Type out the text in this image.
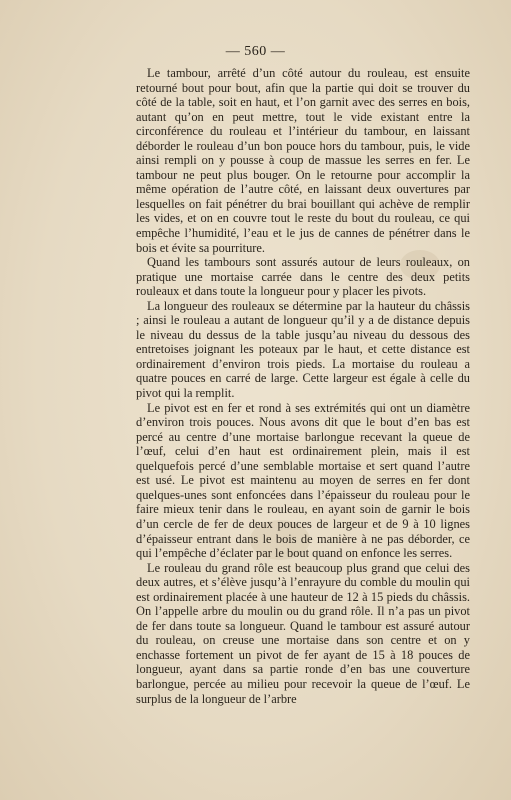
— 560 —

Le tambour, arrêté d’un côté autour du rouleau, est ensuite retourné bout pour bout, afin que la partie qui doit se trouver du côté de la table, soit en haut, et l’on garnit avec des serres en bois, autant qu’on en peut mettre, tout le vide existant entre la circonférence du rouleau et l’intérieur du tambour, en laissant déborder le rouleau d’un bon pouce hors du tambour, puis, le vide ainsi rempli on y pousse à coup de massue les serres en fer. Le tambour ne peut plus bouger. On le retourne pour accomplir la même opération de l’autre côté, en laissant deux ouvertures par lesquelles on fait pénétrer du brai bouillant qui achève de remplir les vides, et on en couvre tout le reste du bout du rouleau, ce qui empêche l’humidité, l’eau et le jus de cannes de pénétrer dans le bois et évite sa pourriture.

Quand les tambours sont assurés autour de leurs rouleaux, on pratique une mortaise carrée dans le centre des deux petits rouleaux et dans toute la longueur pour y placer les pivots.

La longueur des rouleaux se détermine par la hauteur du châssis ; ainsi le rouleau a autant de longueur qu’il y a de distance depuis le niveau du dessus de la table jusqu’au niveau du dessous des entretoises joignant les poteaux par le haut, et cette distance est ordinairement d’environ trois pieds. La mortaise du rouleau a quatre pouces en carré de large. Cette largeur est égale à celle du pivot qui la remplit.

Le pivot est en fer et rond à ses extrémités qui ont un diamètre d’environ trois pouces. Nous avons dit que le bout d’en bas est percé au centre d’une mortaise barlongue recevant la queue de l’œuf, celui d’en haut est ordinairement plein, mais il est quelquefois percé d’une semblable mortaise et sert quand l’autre est usé. Le pivot est maintenu au moyen de serres en fer dont quelques-unes sont enfoncées dans l’épaisseur du rouleau pour le faire mieux tenir dans le rouleau, en ayant soin de garnir le bois d’un cercle de fer de deux pouces de largeur et de 9 à 10 lignes d’épaisseur entrant dans le bois de manière à ne pas déborder, ce qui l’empêche d’éclater par le bout quand on enfonce les serres.

Le rouleau du grand rôle est beaucoup plus grand que celui des deux autres, et s’élève jusqu’à l’enrayure du comble du moulin qui est ordinairement placée à une hauteur de 12 à 15 pieds du châssis. On l’appelle arbre du moulin ou du grand rôle. Il n’a pas un pivot de fer dans toute sa longueur. Quand le tambour est assuré autour du rouleau, on creuse une mortaise dans son centre et on y enchasse fortement un pivot de fer ayant de 15 à 18 pouces de longueur, ayant dans sa partie ronde d’en bas une couverture barlongue, percée au milieu pour recevoir la queue de l’œuf. Le surplus de la longueur de l’arbre
